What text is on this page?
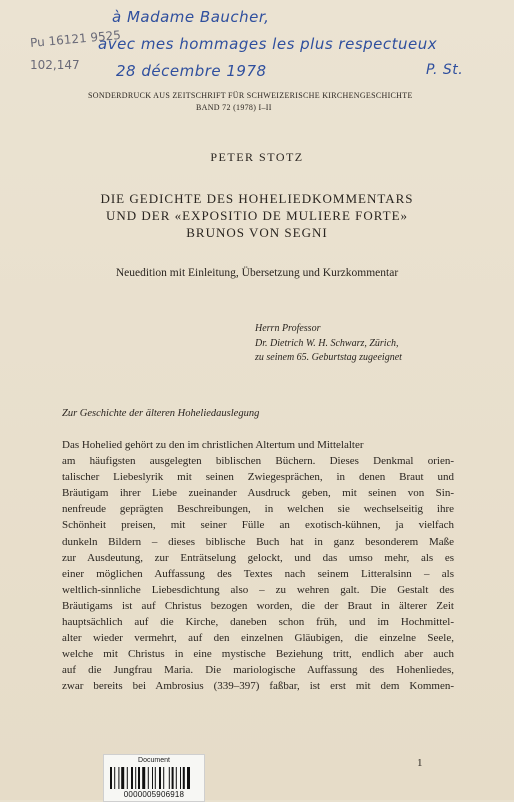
Pu 16121 9525
102,147
à Madame Baucher,
avec mes hommages les plus respectueux
28 décembre 1978	P. St.
SONDERDRUCK AUS ZEITSCHRIFT FÜR SCHWEIZERISCHE KIRCHENGESCHICHTE
BAND 72 (1978) I–II
PETER STOTZ
DIE GEDICHTE DES HOHELIEDKOMMENTARS
UND DER «EXPOSITIO DE MULIERE FORTE»
BRUNOS VON SEGNI
Neuedition mit Einleitung, Übersetzung und Kurzkommentar
Herrn Professor
Dr. Dietrich W. H. Schwarz, Zürich,
zu seinem 65. Geburtstag zugeeignet
Zur Geschichte der älteren Hoheliedauslegung
Das Hohelied gehört zu den im christlichen Altertum und Mittelalter
am häufigsten ausgelegten biblischen Büchern. Dieses Denkmal orien-
talischer Liebeslyrik mit seinen Zwiegesprächen, in denen Braut und
Bräutigam ihrer Liebe zueinander Ausdruck geben, mit seinen von Sin-
nenfreude geprägten Beschreibungen, in welchen sie wechselseitig ihre
Schönheit preisen, mit seiner Fülle an exotisch-kühnen, ja vielfach
dunkeln Bildern – dieses biblische Buch hat in ganz besonderem Maße
zur Ausdeutung, zur Enträtselung gelockt, und das umso mehr, als es
einer möglichen Auffassung des Textes nach seinem Litteralsinn – als
weltlich-sinnliche Liebesdichtung also – zu wehren galt. Die Gestalt des
Bräutigams ist auf Christus bezogen worden, die der Braut in älterer Zeit
hauptsächlich auf die Kirche, daneben schon früh, und im Hochmittel-
alter wieder vermehrt, auf den einzelnen Gläubigen, die einzelne Seele,
welche mit Christus in eine mystische Beziehung tritt, endlich aber auch
auf die Jungfrau Maria. Die mariologische Auffassung des Hohenliedes,
zwar bereits bei Ambrosius (339–397) faßbar, ist erst mit dem Kommen-
1
Document
0000005906918
